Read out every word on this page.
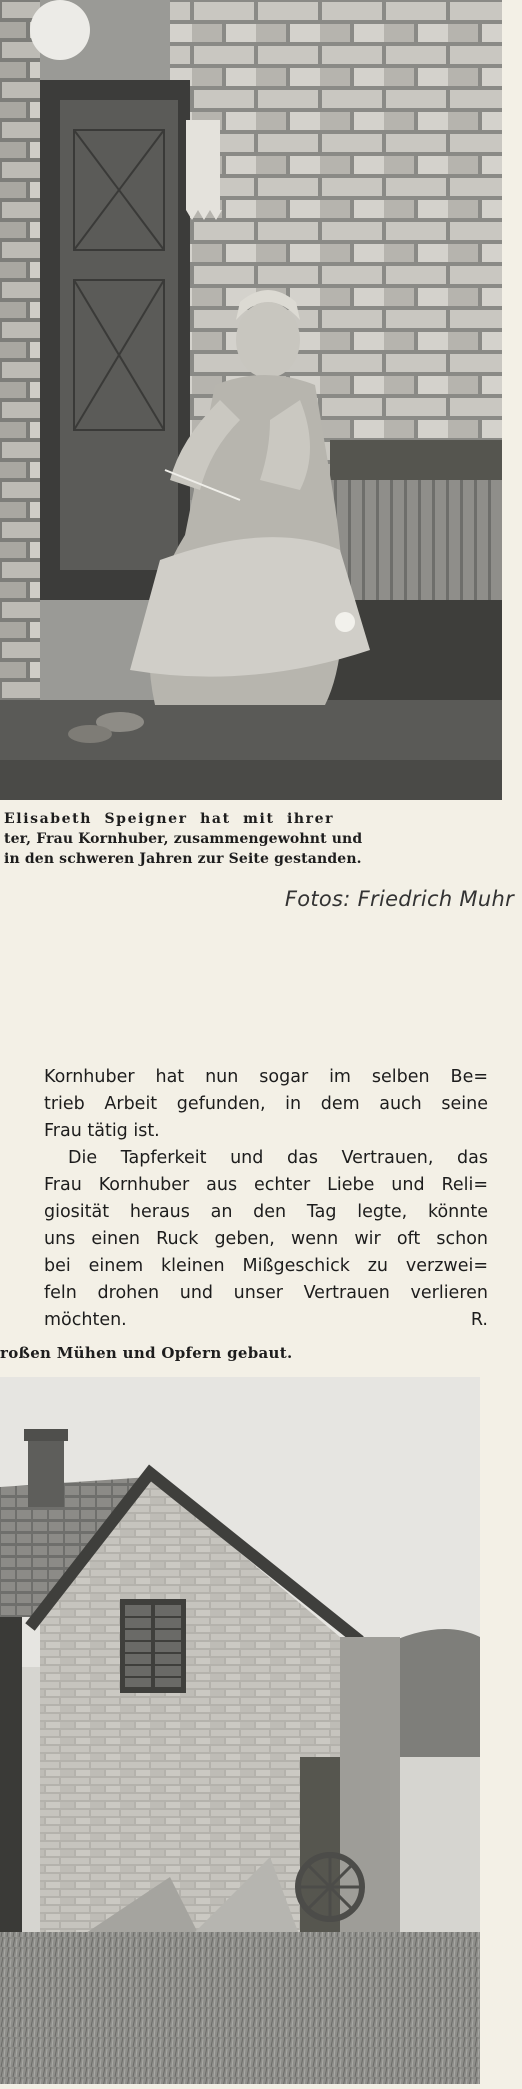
Elisabeth Speigner hat mit ihrer
ter, Frau Kornhuber, zusammengewohnt und
in den schweren Jahren zur Seite gestanden.

Fotos: Friedrich Muhr

Kornhuber hat nun sogar im selben Be=
trieb Arbeit gefunden, in dem auch seine
Frau tätig ist.

Die Tapferkeit und das Vertrauen, das
Frau Kornhuber aus echter Liebe und Reli=
giosität heraus an den Tag legte, könnte
uns einen Ruck geben, wenn wir oft schon
bei einem kleinen Mißgeschick zu verzwei=
feln drohen und unser Vertrauen verlieren
möchten.	R.

roßen Mühen und Opfern gebaut.
